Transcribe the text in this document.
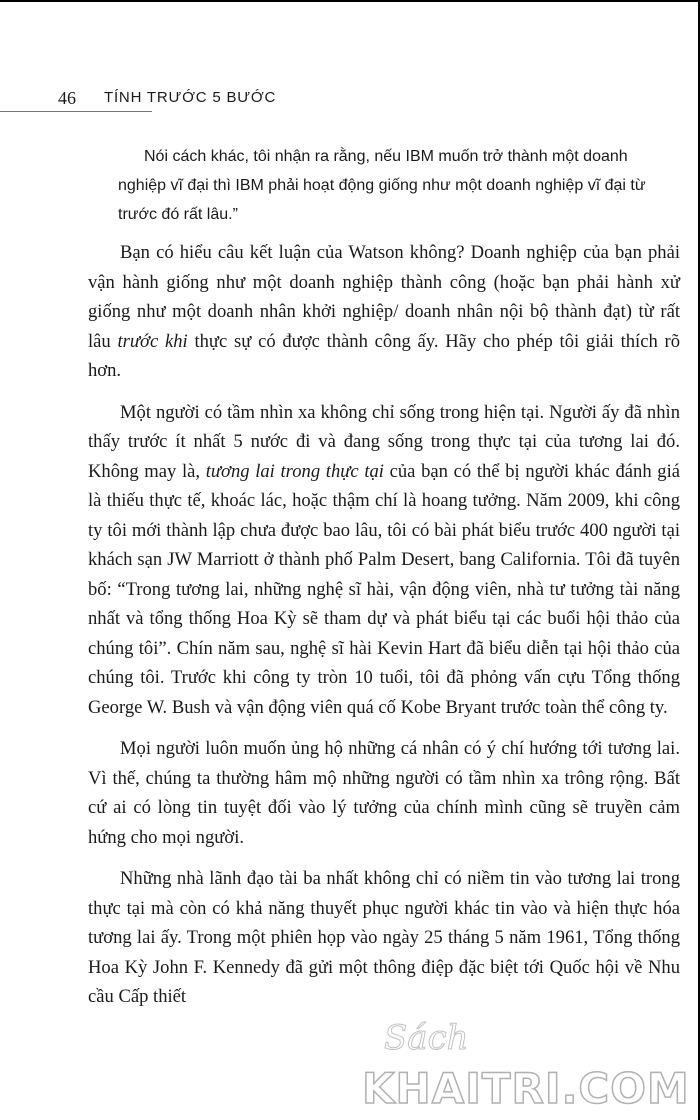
46 TÍNH TRƯỚC 5 BƯỚC

Nói cách khác, tôi nhận ra rằng, nếu IBM muốn trở thành một doanh nghiệp vĩ đại thì IBM phải hoạt động giống như một doanh nghiệp vĩ đại từ trước đó rất lâu.”

Bạn có hiểu câu kết luận của Watson không? Doanh nghiệp của bạn phải vận hành giống như một doanh nghiệp thành công (hoặc bạn phải hành xử giống như một doanh nhân khởi nghiệp/ doanh nhân nội bộ thành đạt) từ rất lâu trước khi thực sự có được thành công ấy. Hãy cho phép tôi giải thích rõ hơn.

Một người có tầm nhìn xa không chỉ sống trong hiện tại. Người ấy đã nhìn thấy trước ít nhất 5 nước đi và đang sống trong thực tại của tương lai đó. Không may là, tương lai trong thực tại của bạn có thể bị người khác đánh giá là thiếu thực tế, khoác lác, hoặc thậm chí là hoang tưởng. Năm 2009, khi công ty tôi mới thành lập chưa được bao lâu, tôi có bài phát biểu trước 400 người tại khách sạn JW Marriott ở thành phố Palm Desert, bang California. Tôi đã tuyên bố: “Trong tương lai, những nghệ sĩ hài, vận động viên, nhà tư tưởng tài năng nhất và tổng thống Hoa Kỳ sẽ tham dự và phát biểu tại các buổi hội thảo của chúng tôi”. Chín năm sau, nghệ sĩ hài Kevin Hart đã biểu diễn tại hội thảo của chúng tôi. Trước khi công ty tròn 10 tuổi, tôi đã phỏng vấn cựu Tổng thống George W. Bush và vận động viên quá cố Kobe Bryant trước toàn thể công ty.

Mọi người luôn muốn ủng hộ những cá nhân có ý chí hướng tới tương lai. Vì thế, chúng ta thường hâm mộ những người có tầm nhìn xa trông rộng. Bất cứ ai có lòng tin tuyệt đối vào lý tưởng của chính mình cũng sẽ truyền cảm hứng cho mọi người.

Những nhà lãnh đạo tài ba nhất không chỉ có niềm tin vào tương lai trong thực tại mà còn có khả năng thuyết phục người khác tin vào và hiện thực hóa tương lai ấy. Trong một phiên họp vào ngày 25 tháng 5 năm 1961, Tổng thống Hoa Kỳ John F. Kennedy đã gửi một thông điệp đặc biệt tới Quốc hội về Nhu cầu Cấp thiết

Sách
KHAITRI.COM
